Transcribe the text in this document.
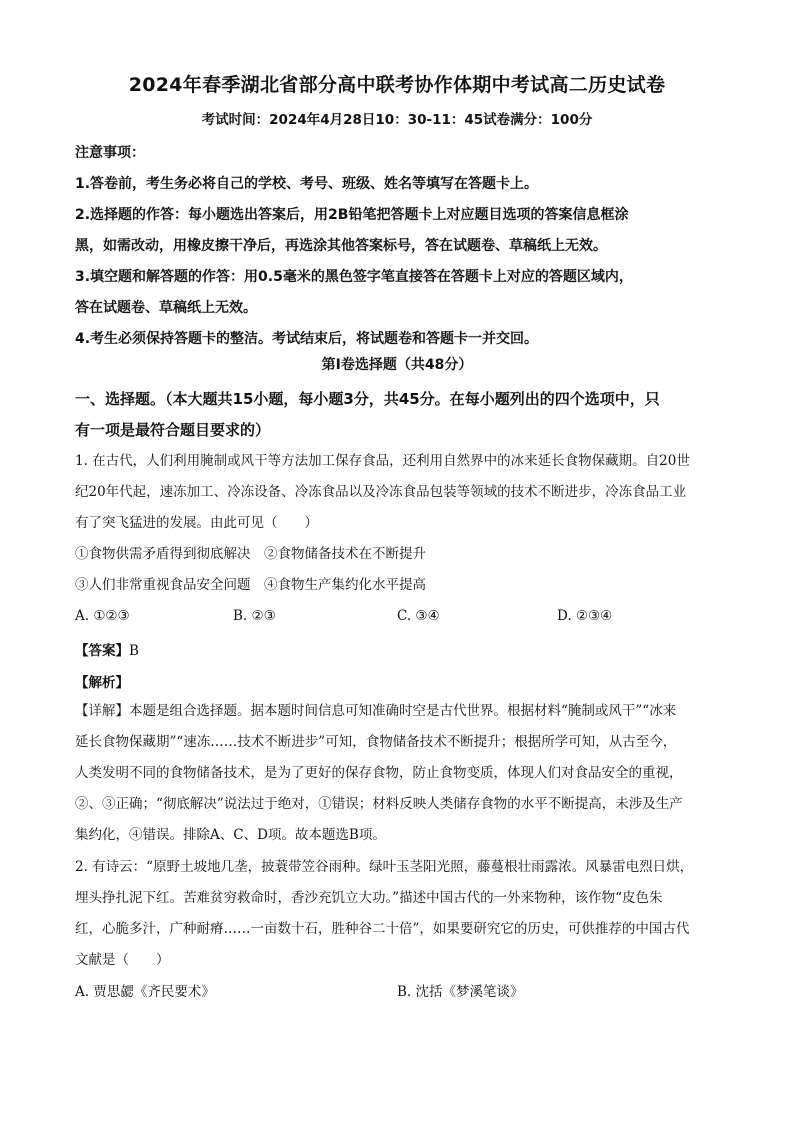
2024年春季湖北省部分高中联考协作体期中考试高二历史试卷
考试时间：2024年4月28日10：30-11：45试卷满分：100分
注意事项：
1.答卷前，考生务必将自己的学校、考号、班级、姓名等填写在答题卡上。
2.选择题的作答：每小题选出答案后，用2B铅笔把答题卡上对应题目选项的答案信息框涂
黑，如需改动，用橡皮擦干净后，再选涂其他答案标号，答在试题卷、草稿纸上无效。
3.填空题和解答题的作答：用0.5毫米的黑色签字笔直接答在答题卡上对应的答题区域内，
答在试题卷、草稿纸上无效。
4.考生必须保持答题卡的整洁。考试结束后，将试题卷和答题卡一并交回。
第Ⅰ卷选择题（共48分）
一、选择题。（本大题共15小题，每小题3分，共45分。在每小题列出的四个选项中，只
有一项是最符合题目要求的）
1. 在古代，人们利用腌制或风干等方法加工保存食品，还利用自然界中的冰来延长食物保藏期。自20世
纪20年代起，速冻加工、冷冻设备、冷冻食品以及冷冻食品包装等领域的技术不断进步，冷冻食品工业
有了突飞猛进的发展。由此可见（　　）
①食物供需矛盾得到彻底解决　②食物储备技术在不断提升
③人们非常重视食品安全问题　④食物生产集约化水平提高
A. ①②③	B. ②③	C. ③④	D. ②③④
【答案】B
【解析】
【详解】本题是组合选择题。据本题时间信息可知准确时空是古代世界。根据材料“腌制或风干”“冰来
延长食物保藏期”“速冻……技术不断进步”可知，食物储备技术不断提升；根据所学可知，从古至今，
人类发明不同的食物储备技术，是为了更好的保存食物，防止食物变质，体现人们对食品安全的重视，
②、③正确；“彻底解决”说法过于绝对，①错误；材料反映人类储存食物的水平不断提高，未涉及生产
集约化，④错误。排除A、C、D项。故本题选B项。
2. 有诗云：“原野土坡地几垄，披蓑带笠谷雨种。绿叶玉茎阳光照，藤蔓根壮雨露浓。风暴雷电烈日烘，
埋头挣扎泥下红。苦难贫穷救命时，香沙充饥立大功。”描述中国古代的一外来物种，该作物“皮色朱
红，心脆多汁，广种耐瘠……一亩数十石，胜种谷二十倍”，如果要研究它的历史，可供推荐的中国古代
文献是（　　）
A. 贾思勰《齐民要术》	B. 沈括《梦溪笔谈》
